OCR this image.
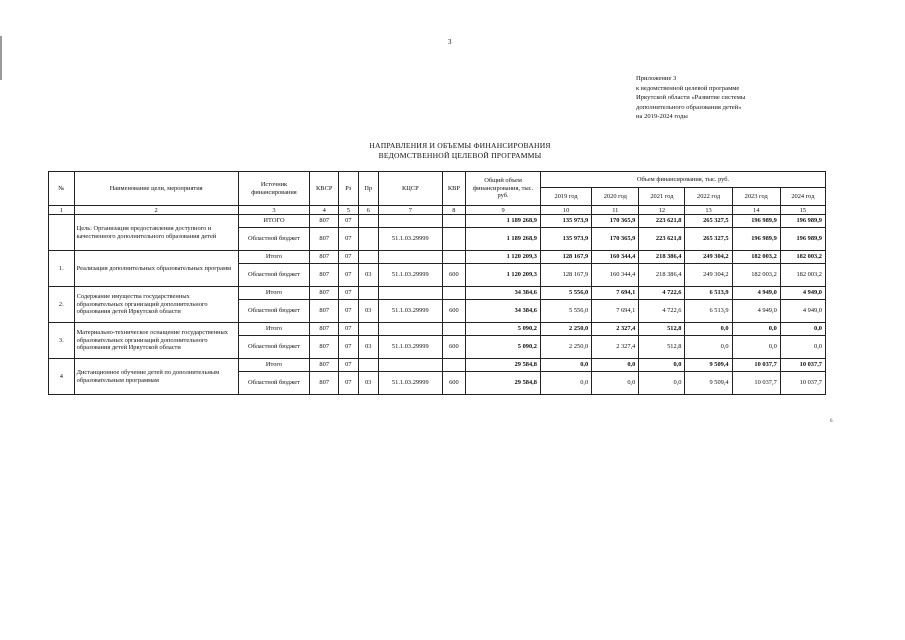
3
Приложение 3
к ведомственной целевой программе
Иркутской области «Развитие системы
дополнительного образования детей»
на 2019-2024 годы
НАПРАВЛЕНИЯ И ОБЪЕМЫ ФИНАНСИРОВАНИЯ
ВЕДОМСТВЕННОЙ ЦЕЛЕВОЙ ПРОГРАММЫ
№	Наименование цели, мероприятия	Источник финансирования	КВСР	Рз	Пр	КЦСР	КВР	Общий объем финансирования, тыс. руб.	Объем финансирования, тыс. руб.					
									2019 год	2020 год	2021 год	2022 год	2023 год	2024 год
1	2	3	4	5	6	7	8	9	10	11	12	13	14	15
	Цель: Организация предоставления доступного и качественного дополнительного образования детей	ИТОГО	807	07				1 189 268,9	135 973,9	170 365,9	223 621,8	265 327,5	196 989,9	196 989,9
		Областной бюджет	807	07		51.1.03.29999		1 189 268,9	135 973,9	170 365,9	223 621,8	265 327,5	196 989,9	196 989,9
1.	Реализация дополнительных образовательных программ	Итого	807	07				1 120 209,3	128 167,9	160 344,4	218 386,4	249 304,2	182 003,2	182 003,2
		Областной бюджет	807	07	03	51.1.03.29999	600	1 120 209,3	128 167,9	160 344,4	218 386,4	249 304,2	182 003,2	182 003,2
2.	Содержание имущества государственных образовательных организаций дополнительного образования детей Иркутской области	Итого	807	07				34 384,6	5 556,0	7 694,1	4 722,6	6 513,9	4 949,0	4 949,0
		Областной бюджет	807	07	03	51.1.03.29999	600	34 384,6	5 556,0	7 694,1	4 722,6	6 513,9	4 949,0	4 949,0
3.	Материально-техническое оснащение государственных образовательных организаций дополнительного образования детей Иркутской области	Итого	807	07				5 090,2	2 250,0	2 327,4	512,8	0,0	0,0	0,0
		Областной бюджет	807	07	03	51.1.03.29999	600	5 090,2	2 250,0	2 327,4	512,8	0,0	0,0	0,0
4	Дистанционное обучение детей по дополнительным образовательным программам	Итого	807	07				29 584,8	0,0	0,0	0,0	9 509,4	10 037,7	10 037,7
		Областной бюджет	807	07	03	51.1.03.29999	600	29 584,8	0,0	0,0	0,0	9 509,4	10 037,7	10 037,7
6
